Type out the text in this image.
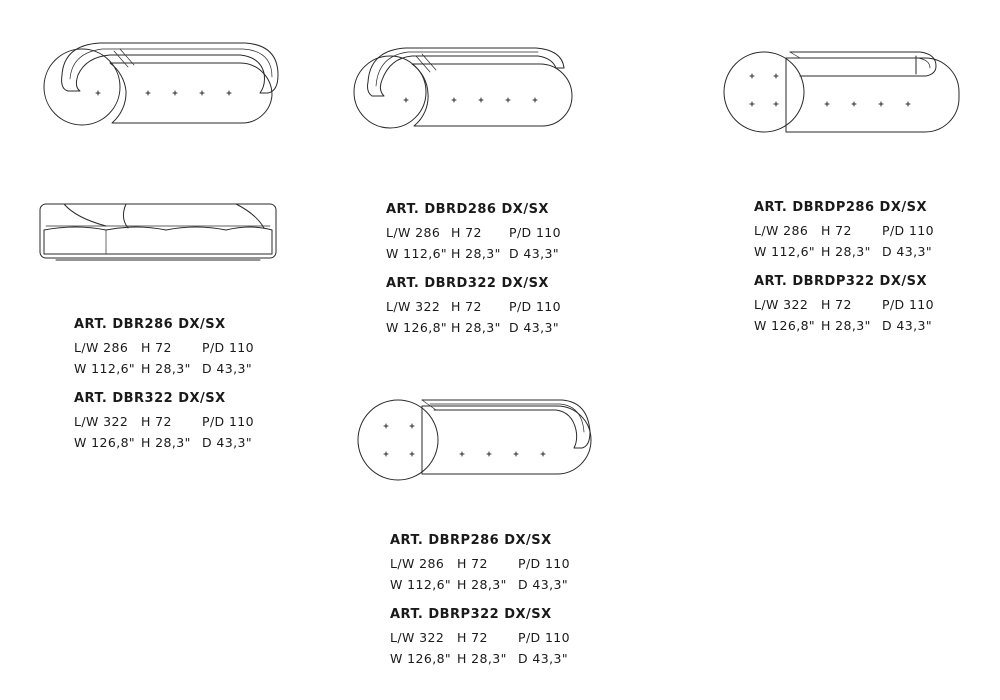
ART. DBR286 DX/SX
L/W 286	H 72	P/D 110
W 112,6" H 28,3" D 43,3"
ART. DBR322 DX/SX
L/W 322	H 72	P/D 110
W 126,8" H 28,3" D 43,3"
ART. DBRD286 DX/SX
L/W 286 H 72	P/D 110
W 112,6" H 28,3" D 43,3"
ART. DBRD322 DX/SX
L/W 322 H 72	P/D 110
W 126,8" H 28,3" D 43,3"
ART. DBRDP286 DX/SX
L/W 286	H 72	P/D 110
W 112,6" H 28,3" D 43,3"
ART. DBRDP322 DX/SX
L/W 322	H 72	P/D 110
W 126,8" H 28,3" D 43,3"
ART. DBRP286 DX/SX
L/W 286	H 72	P/D 110
W 112,6" H 28,3" D 43,3"
ART. DBRP322 DX/SX
L/W 322	H 72	P/D 110
W 126,8" H 28,3" D 43,3"
